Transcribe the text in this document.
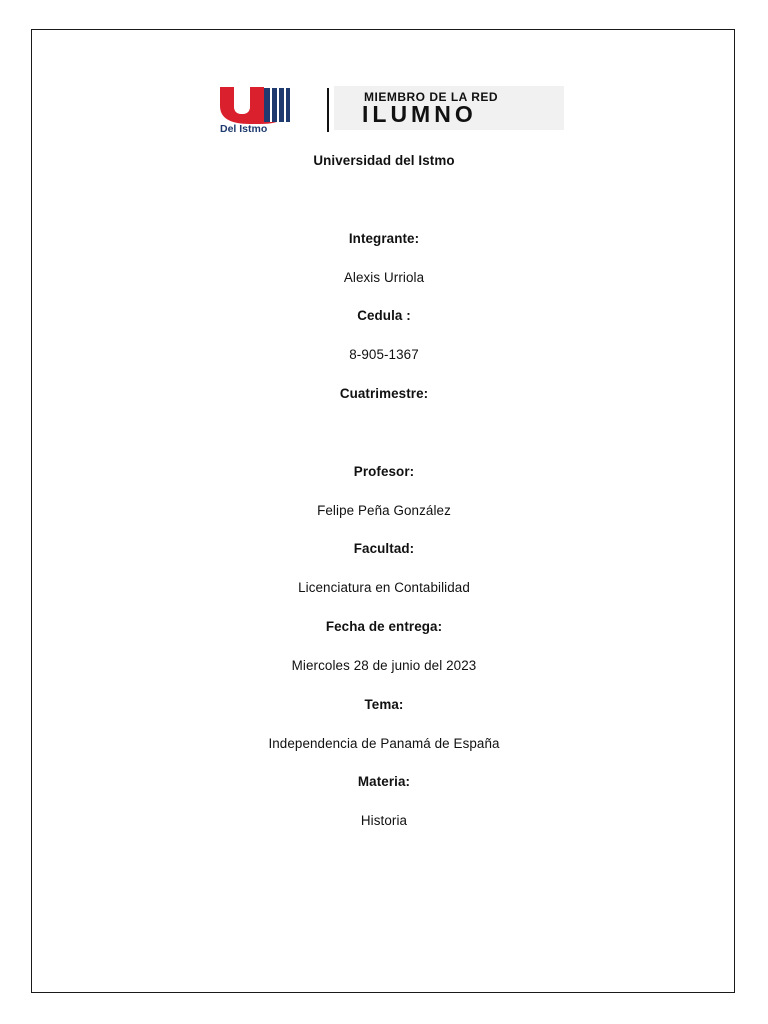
Del Istmo
MIEMBRO DE LA RED
ILUMNO
Universidad del Istmo
Integrante:
Alexis Urriola
Cedula :
8-905-1367
Cuatrimestre:
Profesor:
Felipe Peña González
Facultad:
Licenciatura en Contabilidad
Fecha de entrega:
Miercoles 28 de junio del 2023
Tema:
Independencia de Panamá de España
Materia:
Historia
